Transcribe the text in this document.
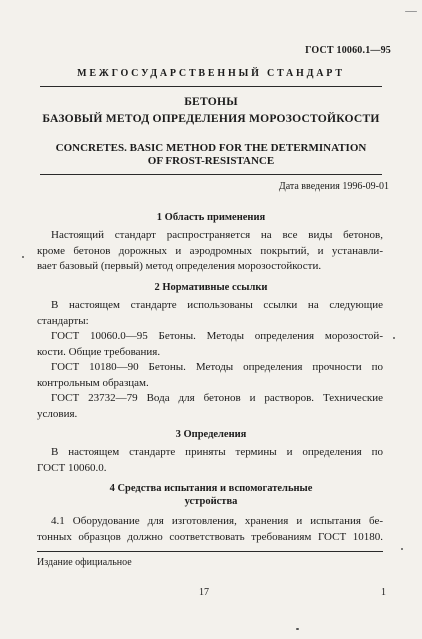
ГОСТ 10060.1—95
МЕЖГОСУДАРСТВЕННЫЙ СТАНДАРТ
БЕТОНЫ
БАЗОВЫЙ МЕТОД ОПРЕДЕЛЕНИЯ МОРОЗОСТОЙКОСТИ
CONCRETES. BASIC METHOD FOR THE DETERMINATION
OF FROST-RESISTANCE
Дата введения 1996-09-01
1 Область применения
Настоящий стандарт распространяется на все виды бетонов,
кроме бетонов дорожных и аэродромных покрытий, и устанавли-
вает базовый (первый) метод определения морозостойкости.
2 Нормативные ссылки
В настоящем стандарте использованы ссылки на следующие
стандарты:
ГОСТ 10060.0—95 Бетоны. Методы определения морозостой-
кости. Общие требования.
ГОСТ 10180—90 Бетоны. Методы определения прочности по
контрольным образцам.
ГОСТ 23732—79 Вода для бетонов и растворов. Технические
условия.
3 Определения
В настоящем стандарте приняты термины и определения по
ГОСТ 10060.0.
4 Средства испытания и вспомогательные
устройства
4.1 Оборудование для изготовления, хранения и испытания бе-
тонных образцов должно соответствовать требованиям ГОСТ 10180.
Издание официальное
17	1
